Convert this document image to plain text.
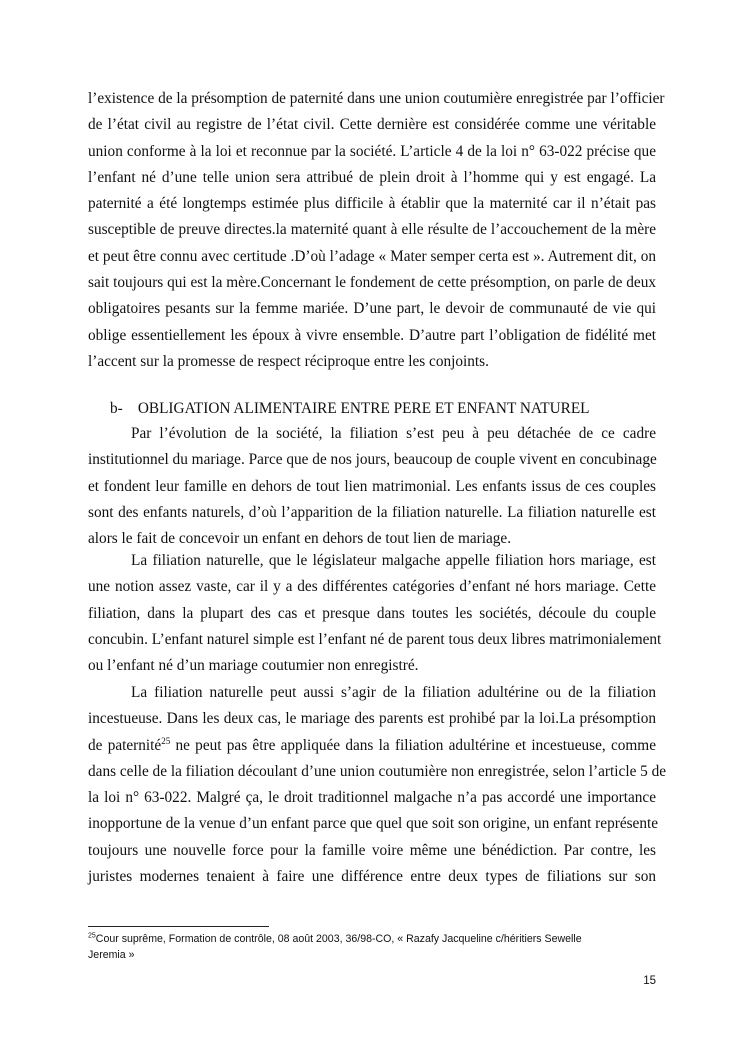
l’existence de la présomption de paternité dans une union coutumière enregistrée par l’officier
de l’état civil au registre de l’état civil. Cette dernière est considérée comme une véritable
union conforme à la loi et reconnue par la société. L’article 4 de la loi n° 63-022 précise que
l’enfant né d’une telle union sera attribué de plein droit à l’homme qui y est engagé. La
paternité a été longtemps estimée plus difficile à établir que la maternité car il n’était pas
susceptible de preuve directes.la maternité quant à elle résulte de l’accouchement de la mère
et peut être connu avec certitude .D’où l’adage « Mater semper certa est ». Autrement dit, on
sait toujours qui est la mère.Concernant le fondement de cette présomption, on parle de deux
obligatoires pesants sur la femme mariée. D’une part, le devoir de communauté de vie qui
oblige essentiellement les époux à vivre ensemble. D’autre part l’obligation de fidélité met
l’accent sur la promesse de respect réciproque entre les conjoints.
b- OBLIGATION ALIMENTAIRE ENTRE PERE ET ENFANT NATUREL
Par l’évolution de la société, la filiation s’est peu à peu détachée de ce cadre
institutionnel du mariage. Parce que de nos jours, beaucoup de couple vivent en concubinage
et fondent leur famille en dehors de tout lien matrimonial. Les enfants issus de ces couples
sont des enfants naturels, d’où l’apparition de la filiation naturelle. La filiation naturelle est
alors le fait de concevoir un enfant en dehors de tout lien de mariage.
La filiation naturelle, que le législateur malgache appelle filiation hors mariage, est
une notion assez vaste, car il y a des différentes catégories d’enfant né hors mariage. Cette
filiation, dans la plupart des cas et presque dans toutes les sociétés, découle du couple
concubin. L’enfant naturel simple est l’enfant né de parent tous deux libres matrimonialement
ou l’enfant né d’un mariage coutumier non enregistré.
La filiation naturelle peut aussi s’agir de la filiation adultérine ou de la filiation
incestueuse. Dans les deux cas, le mariage des parents est prohibé par la loi.La présomption
de paternité$^{25}$ ne peut pas être appliquée dans la filiation adultérine et incestueuse, comme
dans celle de la filiation découlant d’une union coutumière non enregistrée, selon l’article 5 de
la loi n° 63-022. Malgré ça, le droit traditionnel malgache n’a pas accordé une importance
inopportune de la venue d’un enfant parce que quel que soit son origine, un enfant représente
toujours une nouvelle force pour la famille voire même une bénédiction. Par contre, les
juristes modernes tenaient à faire une différence entre deux types de filiations sur son
$^{25}$Cour suprême, Formation de contrôle, 08 août 2003, 36/98-CO, « Razafy Jacqueline c/héritiers Sewelle
Jeremia »
15
